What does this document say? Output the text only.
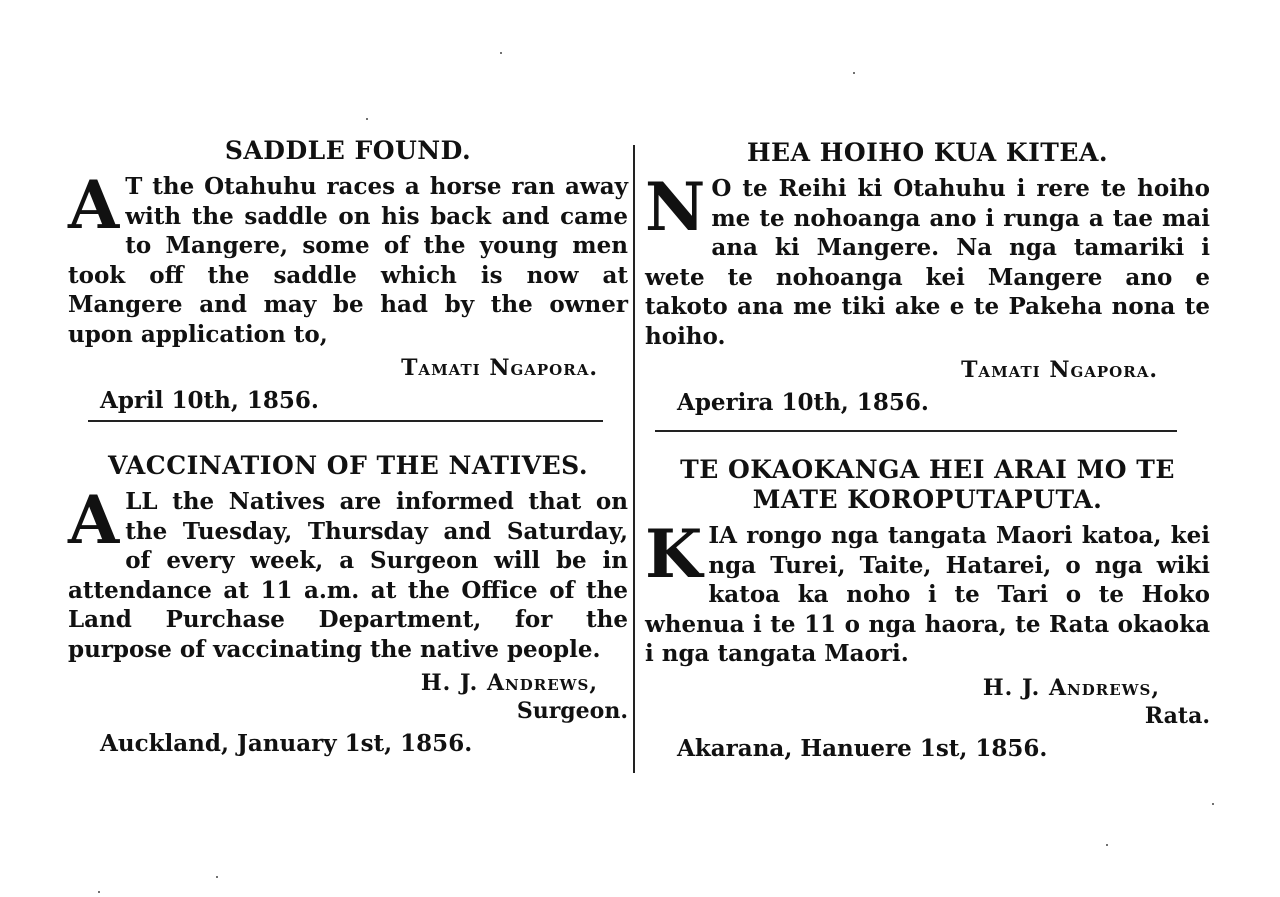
SADDLE FOUND.

A T the Otahuhu races a horse ran away with the saddle on his back and came to Mangere, some of the young men took off the saddle which is now at Mangere and may be had by the owner upon application to,

Tamati Ngapora.

April 10th, 1856.

HEA HOIHO KUA KITEA.

N O te Reihi ki Otahuhu i rere te hoiho me te nohoanga ano i runga a tae mai ana ki Mangere. Na nga tamariki i wete te nohoanga kei Mangere ano e takoto ana me tiki ake e te Pakeha nona te hoiho.

Tamati Ngapora.

Aperira 10th, 1856.

VACCINATION OF THE NATIVES.

A LL the Natives are informed that on the Tuesday, Thursday and Saturday, of every week, a Surgeon will be in attendance at 11 a.m. at the Office of the Land Purchase Department, for the purpose of vaccinating the native people.

H. J. Andrews,

Surgeon.

Auckland, January 1st, 1856.

TE OKAOKANGA HEI ARAI MO TE MATE KOROPUTAPUTA.

K IA rongo nga tangata Maori katoa, kei nga Turei, Taite, Hatarei, o nga wiki katoa ka noho i te Tari o te Hoko whenua i te 11 o nga haora, te Rata okaoka i nga tangata Maori.

H. J. Andrews,

Rata.

Akarana, Hanuere 1st, 1856.
